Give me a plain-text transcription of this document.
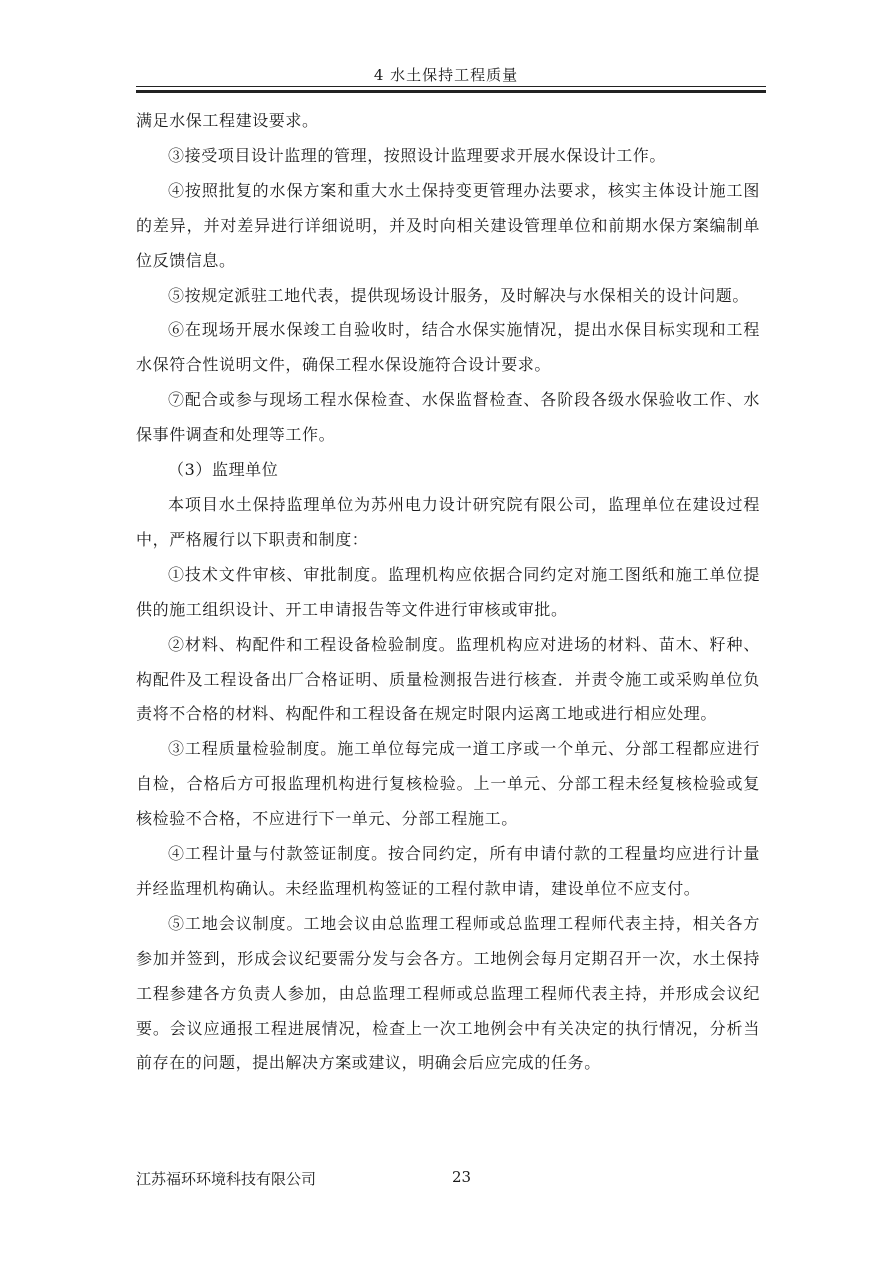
4 水土保持工程质量

满足水保工程建设要求。

③接受项目设计监理的管理，按照设计监理要求开展水保设计工作。

④按照批复的水保方案和重大水土保持变更管理办法要求，核实主体设计施工图的差异，并对差异进行详细说明，并及时向相关建设管理单位和前期水保方案编制单位反馈信息。

⑤按规定派驻工地代表，提供现场设计服务，及时解决与水保相关的设计问题。

⑥在现场开展水保竣工自验收时，结合水保实施情况，提出水保目标实现和工程水保符合性说明文件，确保工程水保设施符合设计要求。

⑦配合或参与现场工程水保检查、水保监督检查、各阶段各级水保验收工作、水保事件调查和处理等工作。

（3）监理单位

本项目水土保持监理单位为苏州电力设计研究院有限公司，监理单位在建设过程中，严格履行以下职责和制度：

①技术文件审核、审批制度。监理机构应依据合同约定对施工图纸和施工单位提供的施工组织设计、开工申请报告等文件进行审核或审批。

②材料、构配件和工程设备检验制度。监理机构应对进场的材料、苗木、籽种、构配件及工程设备出厂合格证明、质量检测报告进行核查．并责令施工或采购单位负责将不合格的材料、构配件和工程设备在规定时限内运离工地或进行相应处理。

③工程质量检验制度。施工单位每完成一道工序或一个单元、分部工程都应进行自检，合格后方可报监理机构进行复核检验。上一单元、分部工程未经复核检验或复核检验不合格，不应进行下一单元、分部工程施工。

④工程计量与付款签证制度。按合同约定，所有申请付款的工程量均应进行计量并经监理机构确认。未经监理机构签证的工程付款申请，建设单位不应支付。

⑤工地会议制度。工地会议由总监理工程师或总监理工程师代表主持，相关各方参加并签到，形成会议纪要需分发与会各方。工地例会每月定期召开一次，水土保持工程参建各方负责人参加，由总监理工程师或总监理工程师代表主持，并形成会议纪要。会议应通报工程进展情况，检查上一次工地例会中有关决定的执行情况，分析当前存在的问题，提出解决方案或建议，明确会后应完成的任务。

江苏福环环境科技有限公司	23
